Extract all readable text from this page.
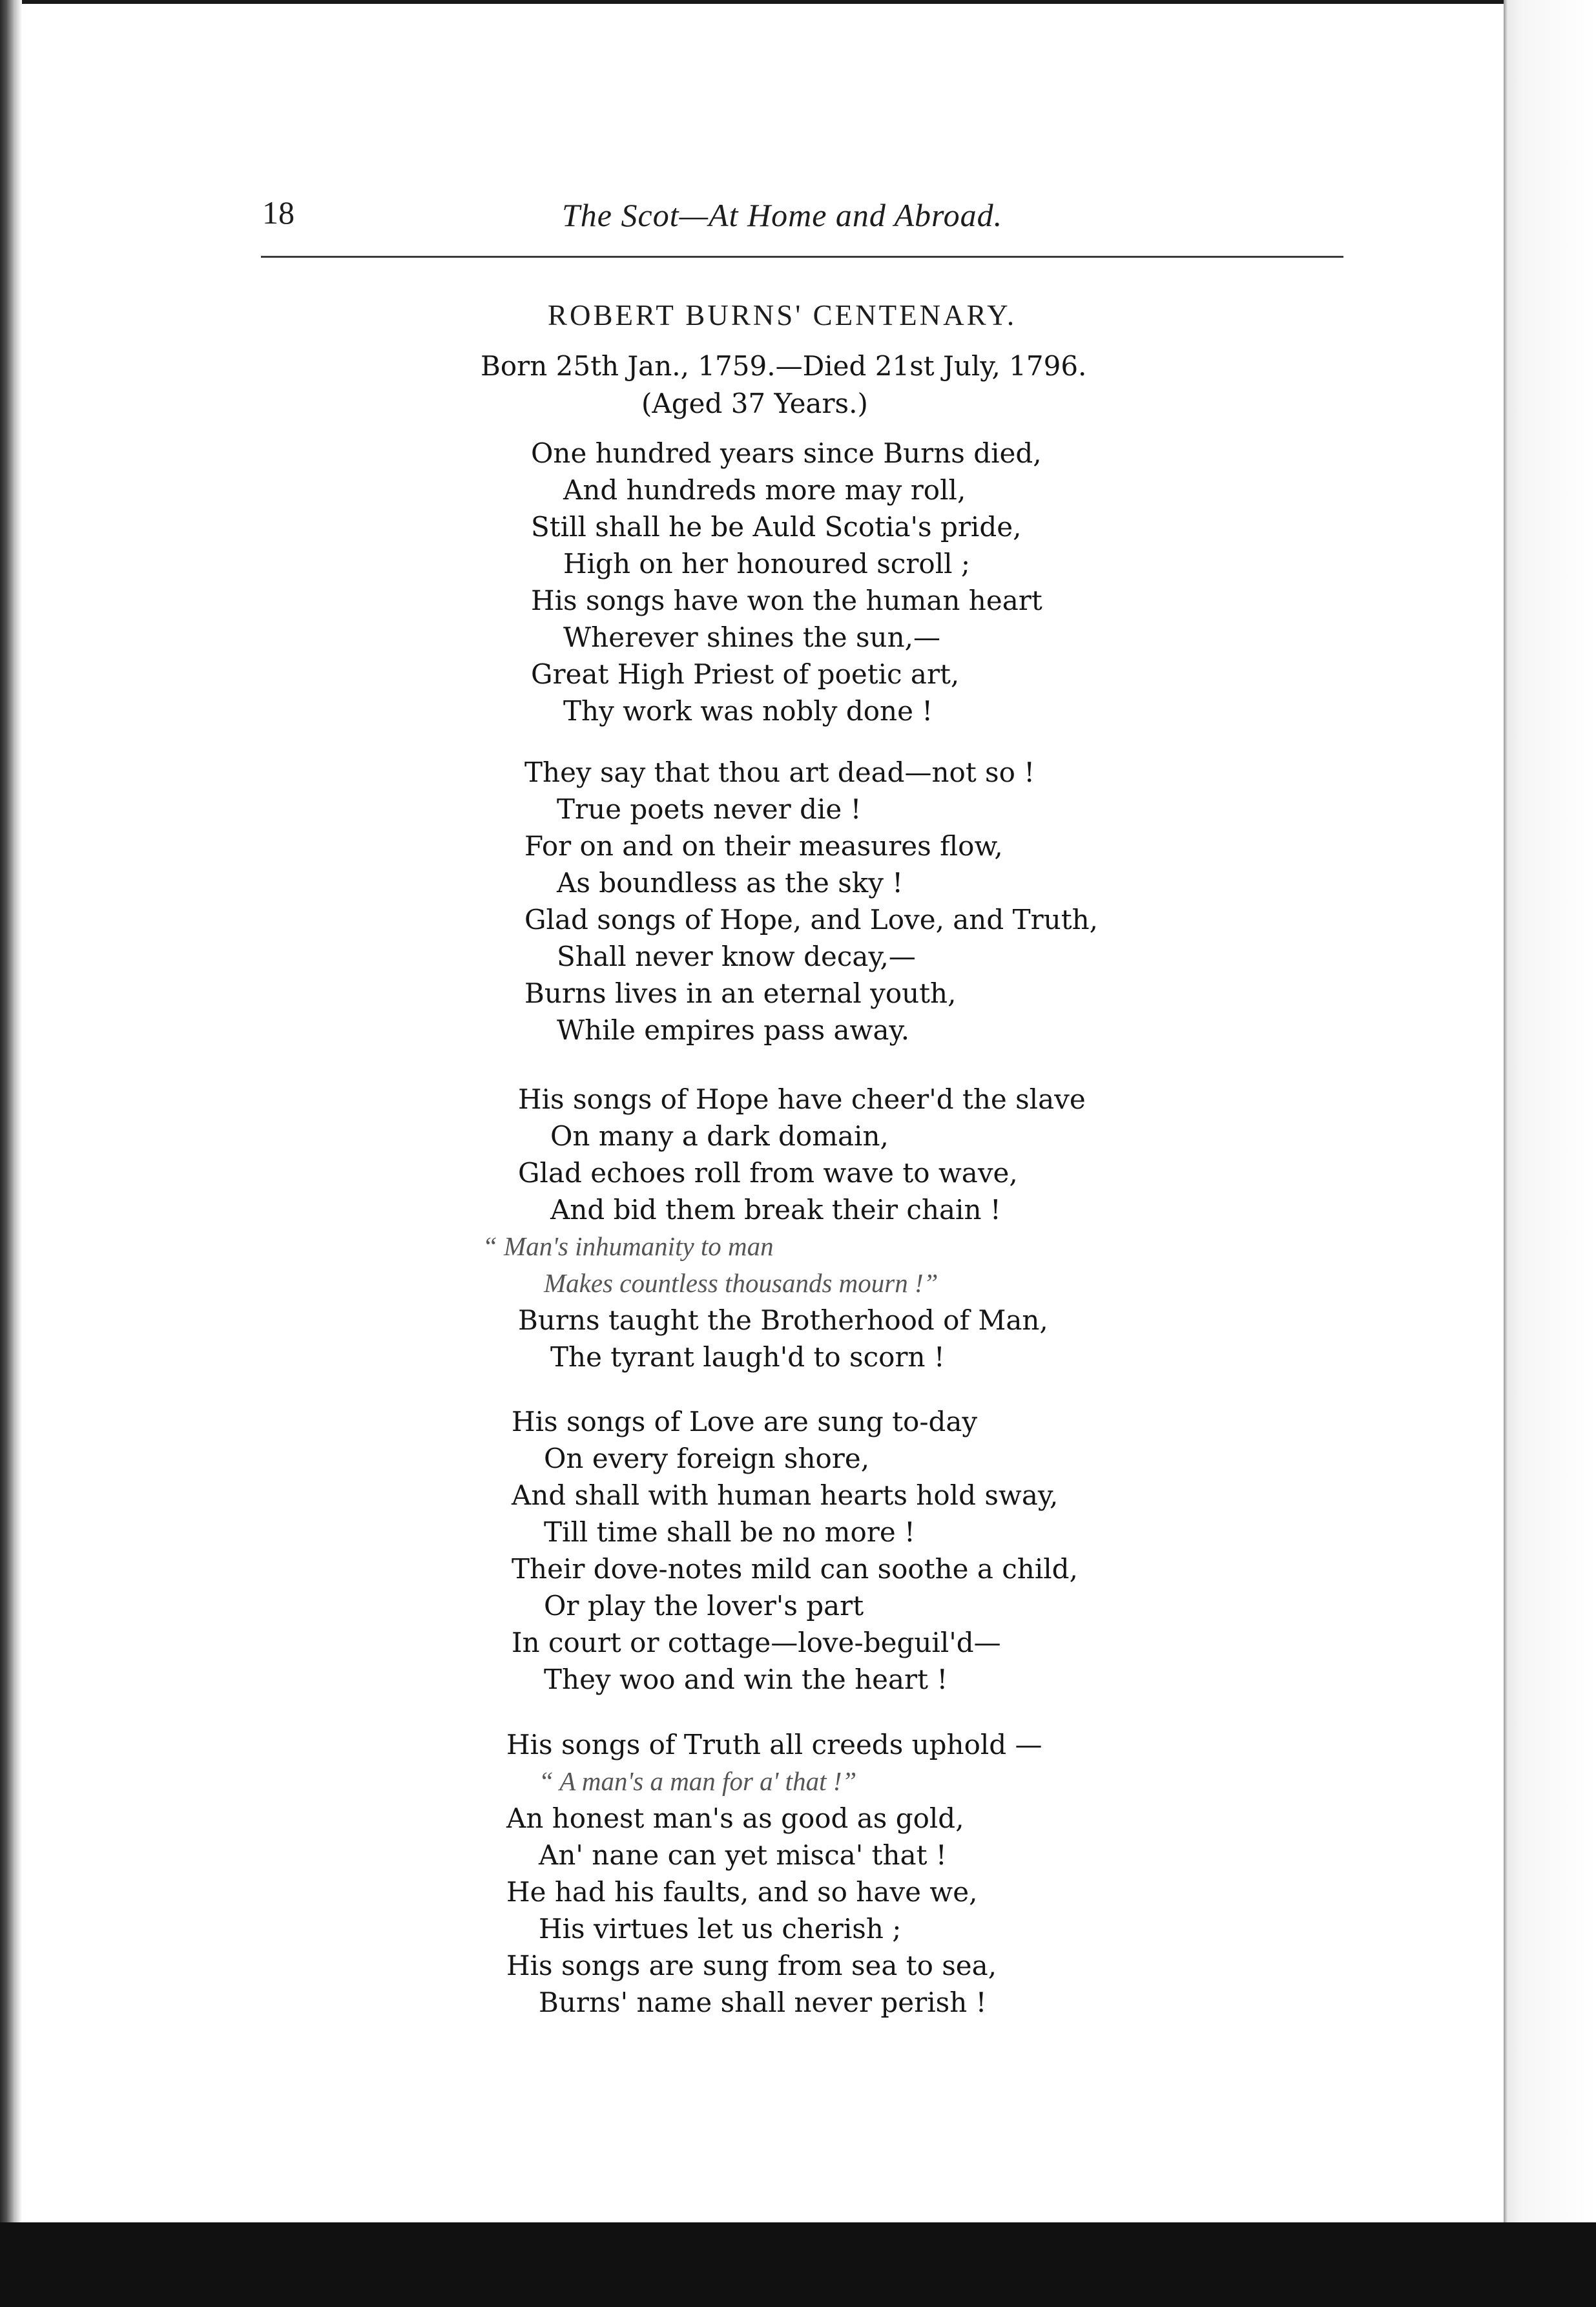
18	The Scot—At Home and Abroad.
ROBERT BURNS' CENTENARY.
Born 25th Jan., 1759.—Died 21st July, 1796.
(Aged 37 Years.)
One hundred years since Burns died,
And hundreds more may roll,
Still shall he be Auld Scotia's pride,
High on her honoured scroll ;
His songs have won the human heart
Wherever shines the sun,—
Great High Priest of poetic art,
Thy work was nobly done !
They say that thou art dead—not so !
True poets never die !
For on and on their measures flow,
As boundless as the sky !
Glad songs of Hope, and Love, and Truth,
Shall never know decay,—
Burns lives in an eternal youth,
While empires pass away.
His songs of Hope have cheer'd the slave
On many a dark domain,
Glad echoes roll from wave to wave,
And bid them break their chain !
“ Man's inhumanity to man
Makes countless thousands mourn !”
Burns taught the Brotherhood of Man,
The tyrant laugh'd to scorn !
His songs of Love are sung to-day
On every foreign shore,
And shall with human hearts hold sway,
Till time shall be no more !
Their dove-notes mild can soothe a child,
Or play the lover's part
In court or cottage—love-beguil'd—
They woo and win the heart !
His songs of Truth all creeds uphold —
“ A man's a man for a' that !”
An honest man's as good as gold,
An' nane can yet misca' that !
He had his faults, and so have we,
His virtues let us cherish ;
His songs are sung from sea to sea,
Burns' name shall never perish !
